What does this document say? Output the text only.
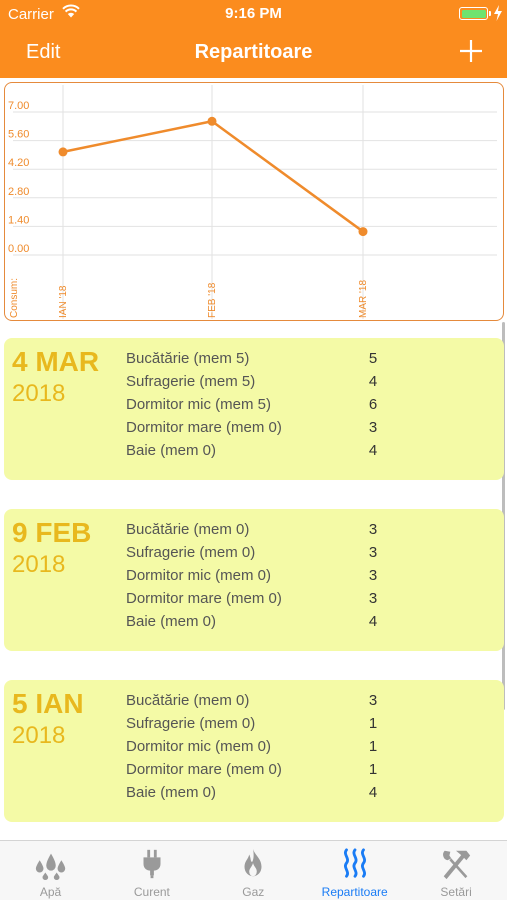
Carrier	9:16 PM
Edit	Repartitoare
0.00
1.40
2.80
4.20
5.60
7.00
IAN '18	FEB '18	MAR '18
Consum:
4 MAR
2018
Bucătărie (mem 5)	5
Sufragerie (mem 5)	4
Dormitor mic (mem 5)	6
Dormitor mare (mem 0)	3
Baie (mem 0)	4
9 FEB
2018
Bucătărie (mem 0)	3
Sufragerie (mem 0)	3
Dormitor mic (mem 0)	3
Dormitor mare (mem 0)	3
Baie (mem 0)	4
5 IAN
2018
Bucătărie (mem 0)	3
Sufragerie (mem 0)	1
Dormitor mic (mem 0)	1
Dormitor mare (mem 0)	1
Baie (mem 0)	4
Apă	Curent	Gaz	Repartitoare	Setări
